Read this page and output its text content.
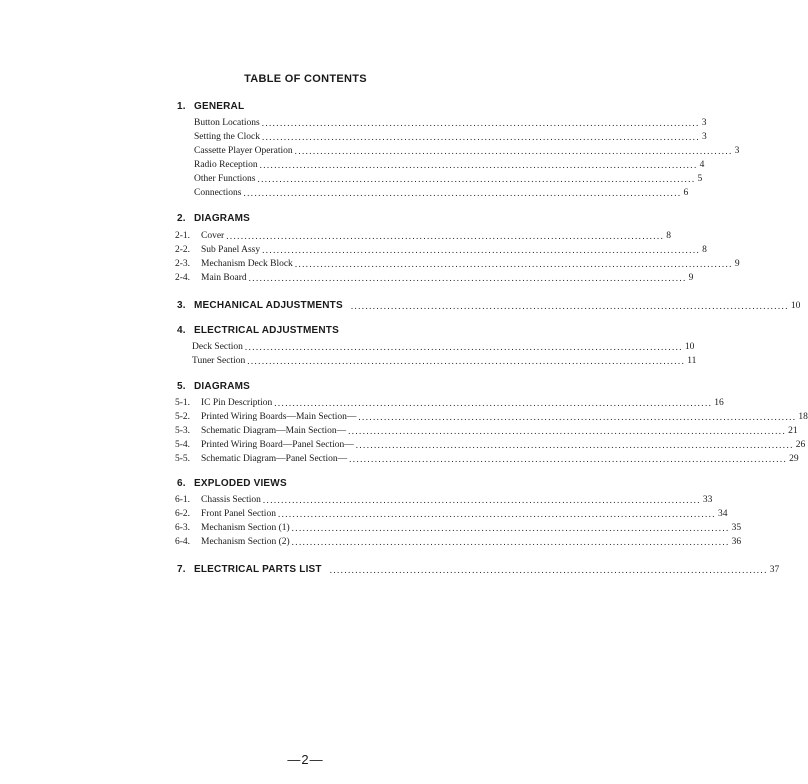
TABLE OF CONTENTS
1. GENERAL
Button Locations ........................................................................................................................ 3
Setting the Clock ........................................................................................................................ 3
Cassette Player Operation ........................................................................................................................ 3
Radio Reception ........................................................................................................................ 4
Other Functions ........................................................................................................................ 5
Connections ........................................................................................................................ 6
2. DIAGRAMS
2-1.	Cover ........................................................................................................................ 8
2-2.	Sub Panel Assy ........................................................................................................................ 8
2-3.	Mechanism Deck Block ........................................................................................................................ 9
2-4.	Main Board ........................................................................................................................ 9
3. MECHANICAL ADJUSTMENTS ........................................................................................................................ 10
4. ELECTRICAL ADJUSTMENTS
Deck Section ........................................................................................................................ 10
Tuner Section ........................................................................................................................ 11
5. DIAGRAMS
5-1.	IC Pin Description ........................................................................................................................ 16
5-2.	Printed Wiring Boards—Main Section— ........................................................................................................................ 18
5-3.	Schematic Diagram—Main Section— ........................................................................................................................ 21
5-4.	Printed Wiring Board—Panel Section— ........................................................................................................................ 26
5-5.	Schematic Diagram—Panel Section— ........................................................................................................................ 29
6. EXPLODED VIEWS
6-1.	Chassis Section ........................................................................................................................ 33
6-2.	Front Panel Section ........................................................................................................................ 34
6-3.	Mechanism Section (1) ........................................................................................................................ 35
6-4.	Mechanism Section (2) ........................................................................................................................ 36
7. ELECTRICAL PARTS LIST ........................................................................................................................ 37
—2—
